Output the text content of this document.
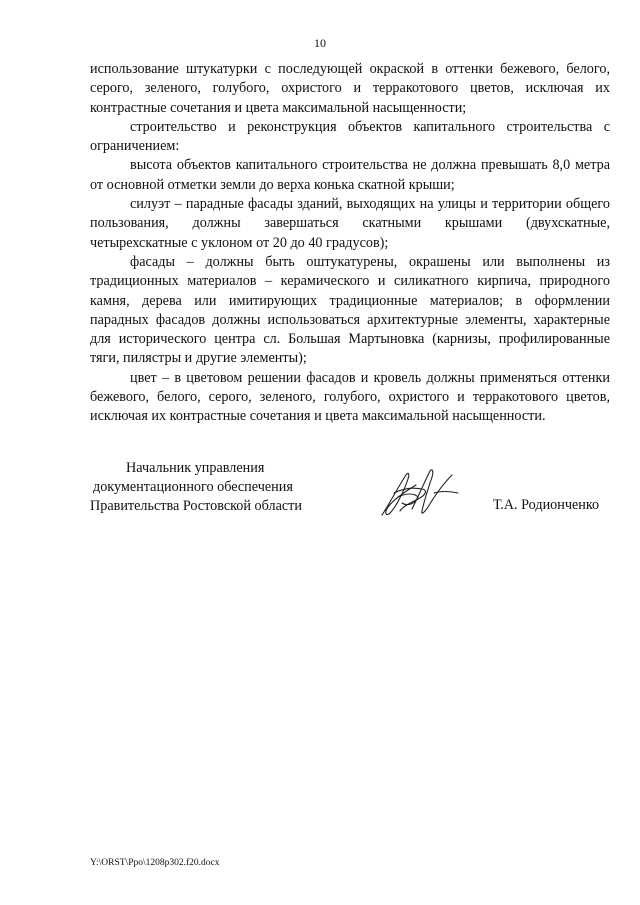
10

использование штукатурки с последующей окраской в оттенки бежевого, белого, серого, зеленого, голубого, охристого и терракотового цветов, исключая их контрастные сочетания и цвета максимальной насыщенности;

строительство и реконструкция объектов капитального строительства с ограничением:

высота объектов капитального строительства не должна превышать 8,0 метра от основной отметки земли до верха конька скатной крыши;

силуэт – парадные фасады зданий, выходящих на улицы и территории общего пользования, должны завершаться скатными крышами (двухскатные, четырехскатные с уклоном от 20 до 40 градусов);

фасады – должны быть оштукатурены, окрашены или выполнены из традиционных материалов – керамического и силикатного кирпича, природного камня, дерева или имитирующих традиционные материалов; в оформлении парадных фасадов должны использоваться архитектурные элементы, характерные для исторического центра сл. Большая Мартыновка (карнизы, профилированные тяги, пилястры и другие элементы);

цвет – в цветовом решении фасадов и кровель должны применяться оттенки бежевого, белого, серого, зеленого, голубого, охристого и терракотового цветов, исключая их контрастные сочетания и цвета максимальной насыщенности.

Начальник управления
документационного обеспечения
Правительства Ростовской области	Т.А. Родионченко
Y:\ORST\Ppo\1208p302.f20.docx
